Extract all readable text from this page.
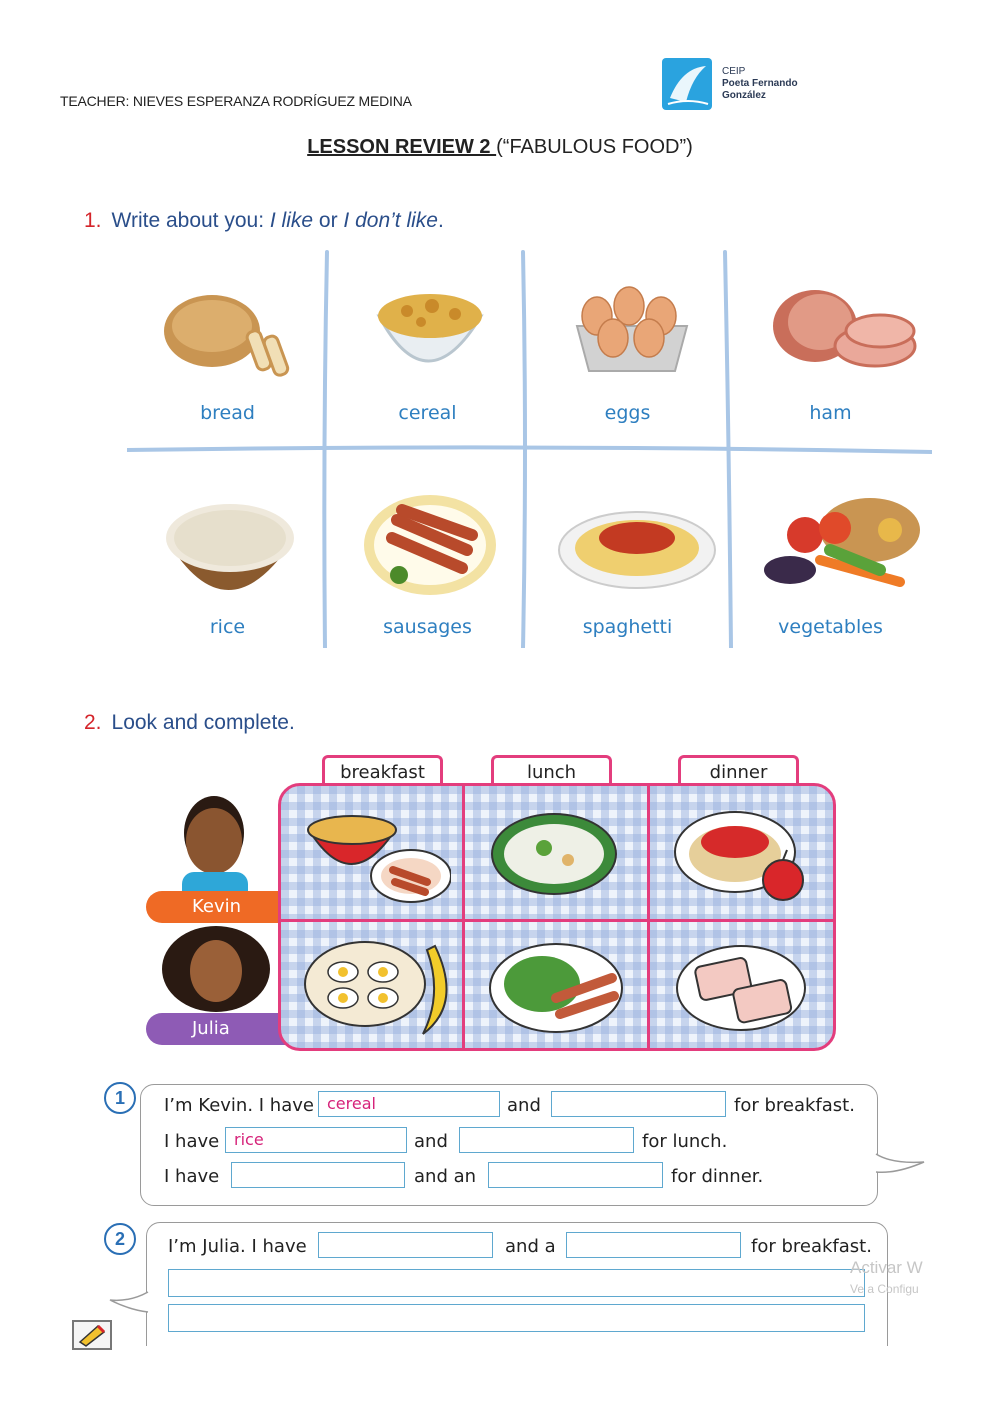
TEACHER: NIEVES ESPERANZA RODRÍGUEZ MEDINA
CEIP
Poeta Fernando
González
LESSON REVIEW 2 (“FABULOUS FOOD”)
1. Write about you: I like or I don’t like.
bread	cereal	eggs	ham
rice	sausages	spaghetti	vegetables
2. Look and complete.
breakfast	lunch	dinner
Kevin
Julia
1	I’m Kevin. I have cereal	and	for breakfast.
I have rice	and	for lunch.
I have	and an	for dinner.
2	I’m Julia. I have	and a	for breakfast.
Activar W
Ve a Configu
